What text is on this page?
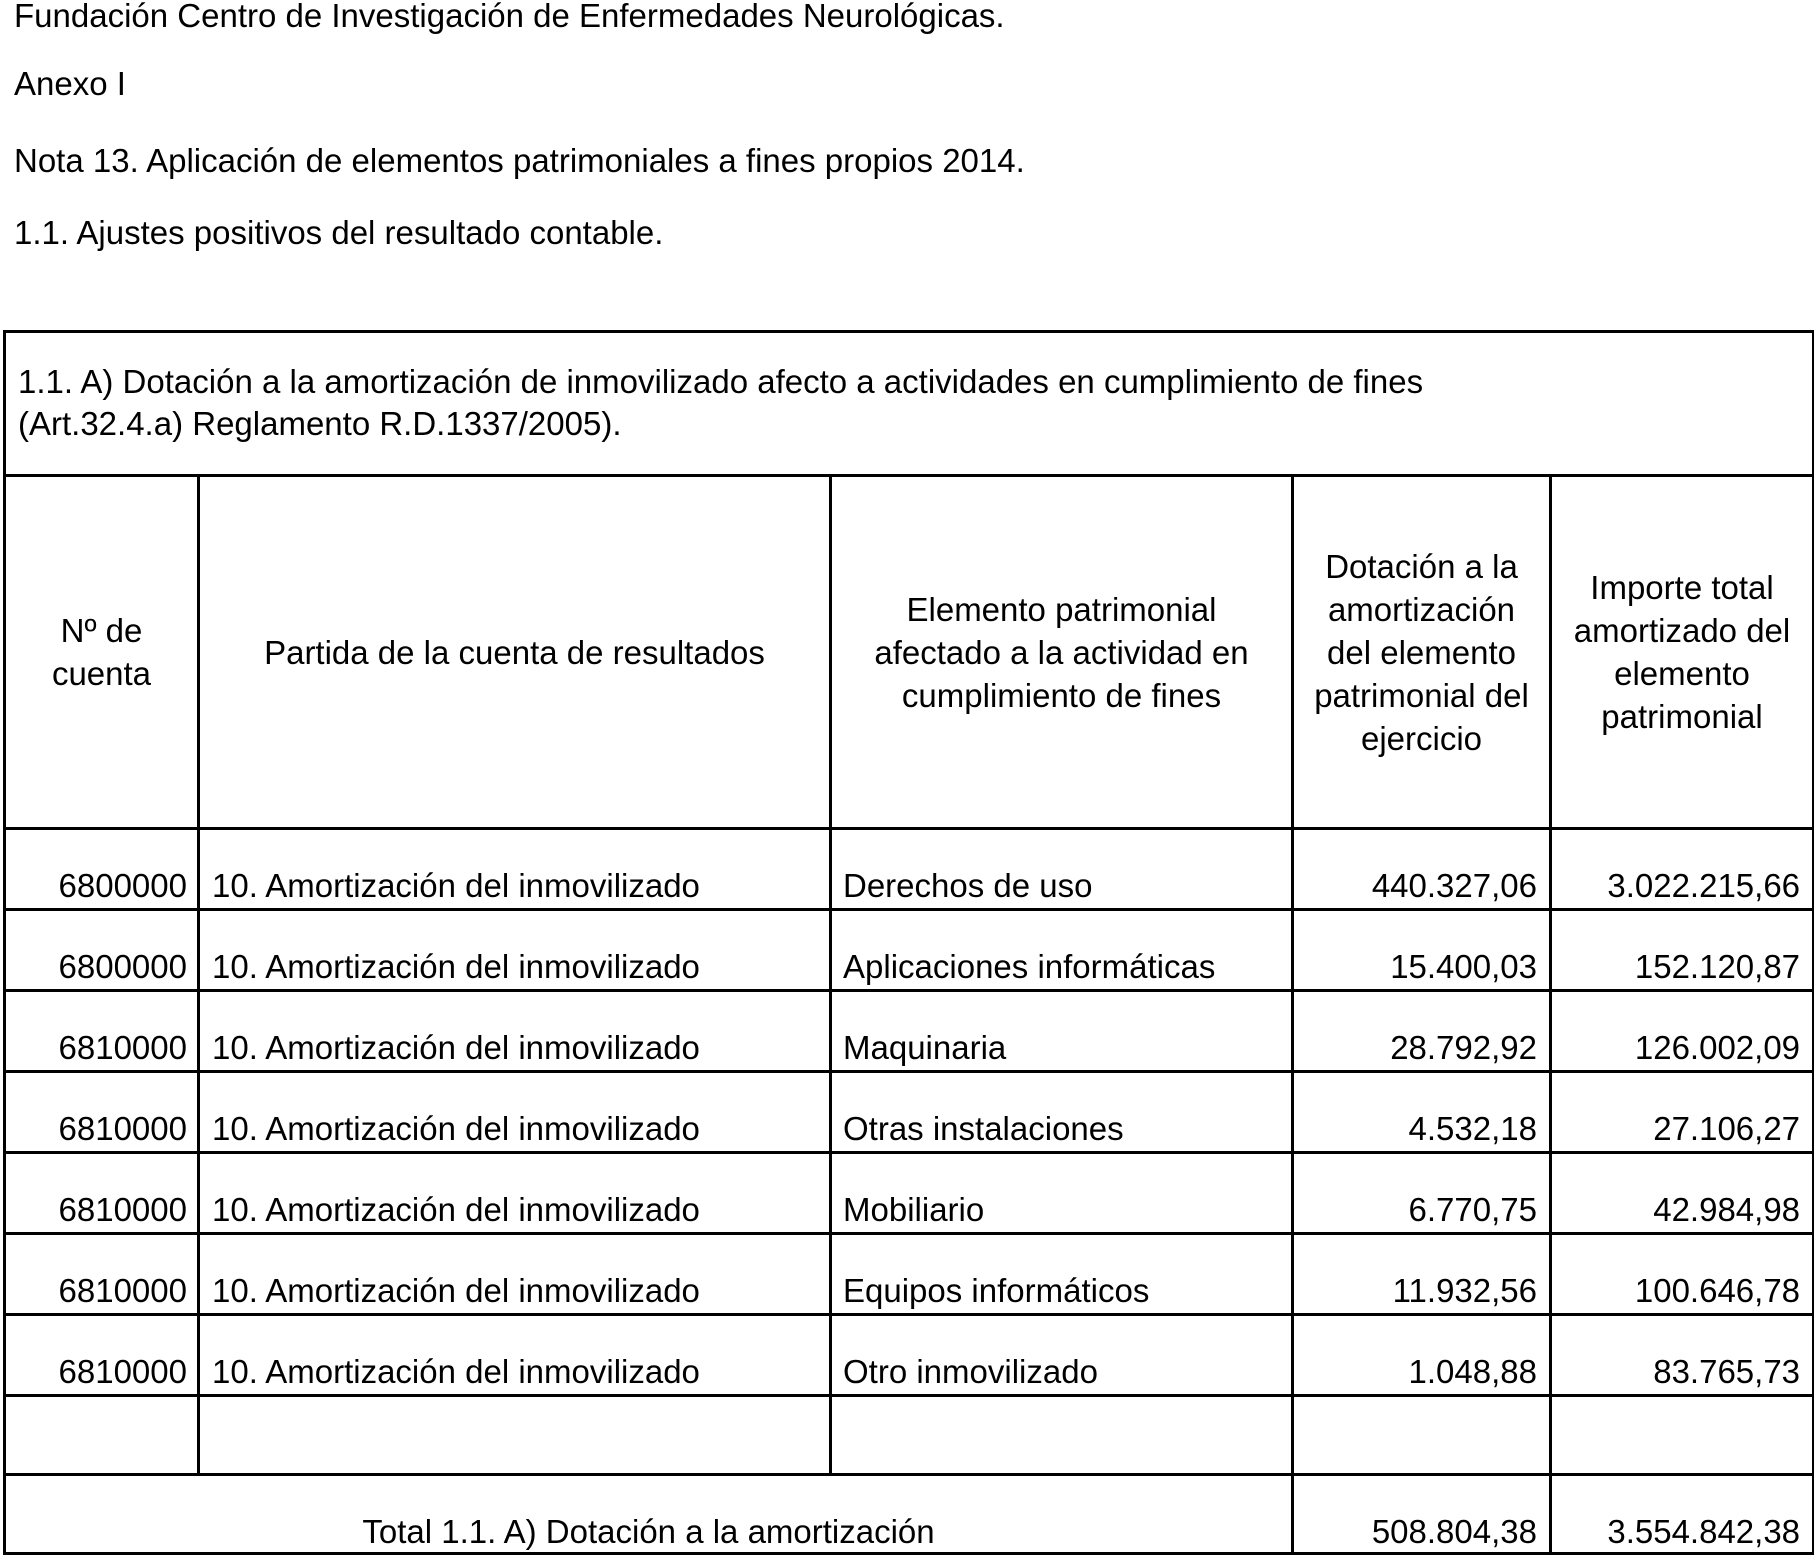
Fundación Centro de Investigación de Enfermedades Neurológicas.
Anexo I
Nota 13. Aplicación de elementos patrimoniales a fines propios 2014.
1.1. Ajustes positivos del resultado contable.
1.1. A) Dotación a la amortización de inmovilizado afecto a actividades en cumplimiento de fines
(Art.32.4.a) Reglamento R.D.1337/2005).				

Nº de cuenta	Partida de la cuenta de resultados	Elemento patrimonial afectado a la actividad en cumplimiento de fines	Dotación a la amortización del elemento patrimonial del ejercicio	Importe total amortizado del elemento patrimonial
6800000	10. Amortización del inmovilizado	Derechos de uso	440.327,06	3.022.215,66
6800000	10. Amortización del inmovilizado	Aplicaciones informáticas	15.400,03	152.120,87
6810000	10. Amortización del inmovilizado	Maquinaria	28.792,92	126.002,09
6810000	10. Amortización del inmovilizado	Otras instalaciones	4.532,18	27.106,27
6810000	10. Amortización del inmovilizado	Mobiliario	6.770,75	42.984,98
6810000	10. Amortización del inmovilizado	Equipos informáticos	11.932,56	100.646,78
6810000	10. Amortización del inmovilizado	Otro inmovilizado	1.048,88	83.765,73

Total 1.1. A) Dotación a la amortización			508.804,38	3.554.842,38
